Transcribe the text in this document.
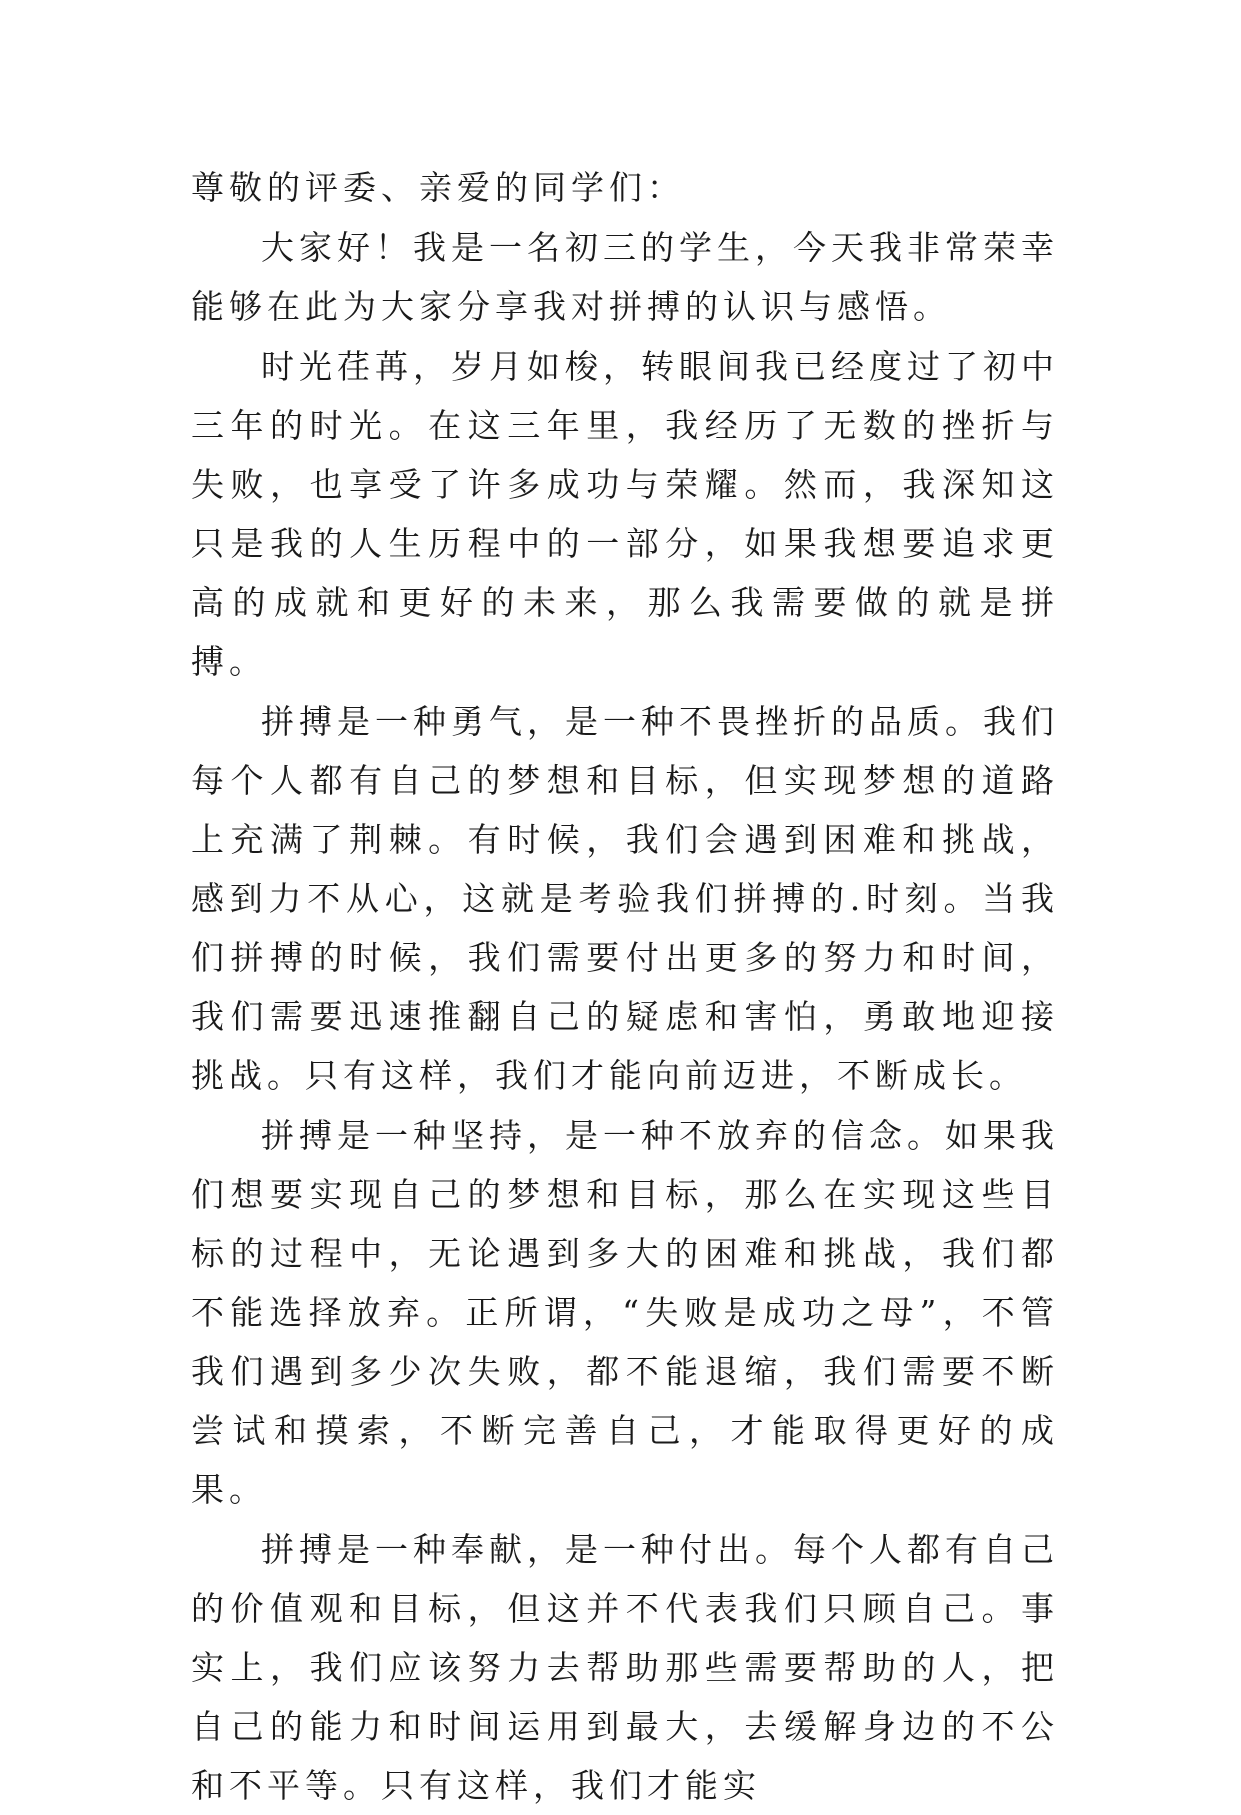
尊敬的评委、亲爱的同学们：

大家好！我是一名初三的学生，今天我非常荣幸能够在此为大家分享我对拼搏的认识与感悟。

时光荏苒，岁月如梭，转眼间我已经度过了初中三年的时光。在这三年里，我经历了无数的挫折与失败，也享受了许多成功与荣耀。然而，我深知这只是我的人生历程中的一部分，如果我想要追求更高的成就和更好的未来，那么我需要做的就是拼搏。

拼搏是一种勇气，是一种不畏挫折的品质。我们每个人都有自己的梦想和目标，但实现梦想的道路上充满了荆棘。有时候，我们会遇到困难和挑战，感到力不从心，这就是考验我们拼搏的.时刻。当我们拼搏的时候，我们需要付出更多的努力和时间，我们需要迅速推翻自己的疑虑和害怕，勇敢地迎接挑战。只有这样，我们才能向前迈进，不断成长。

拼搏是一种坚持，是一种不放弃的信念。如果我们想要实现自己的梦想和目标，那么在实现这些目标的过程中，无论遇到多大的困难和挑战，我们都不能选择放弃。正所谓，“失败是成功之母”，不管我们遇到多少次失败，都不能退缩，我们需要不断尝试和摸索，不断完善自己，才能取得更好的成果。

拼搏是一种奉献，是一种付出。每个人都有自己的价值观和目标，但这并不代表我们只顾自己。事实上，我们应该努力去帮助那些需要帮助的人，把自己的能力和时间运用到最大，去缓解身边的不公和不平等。只有这样，我们才能实
